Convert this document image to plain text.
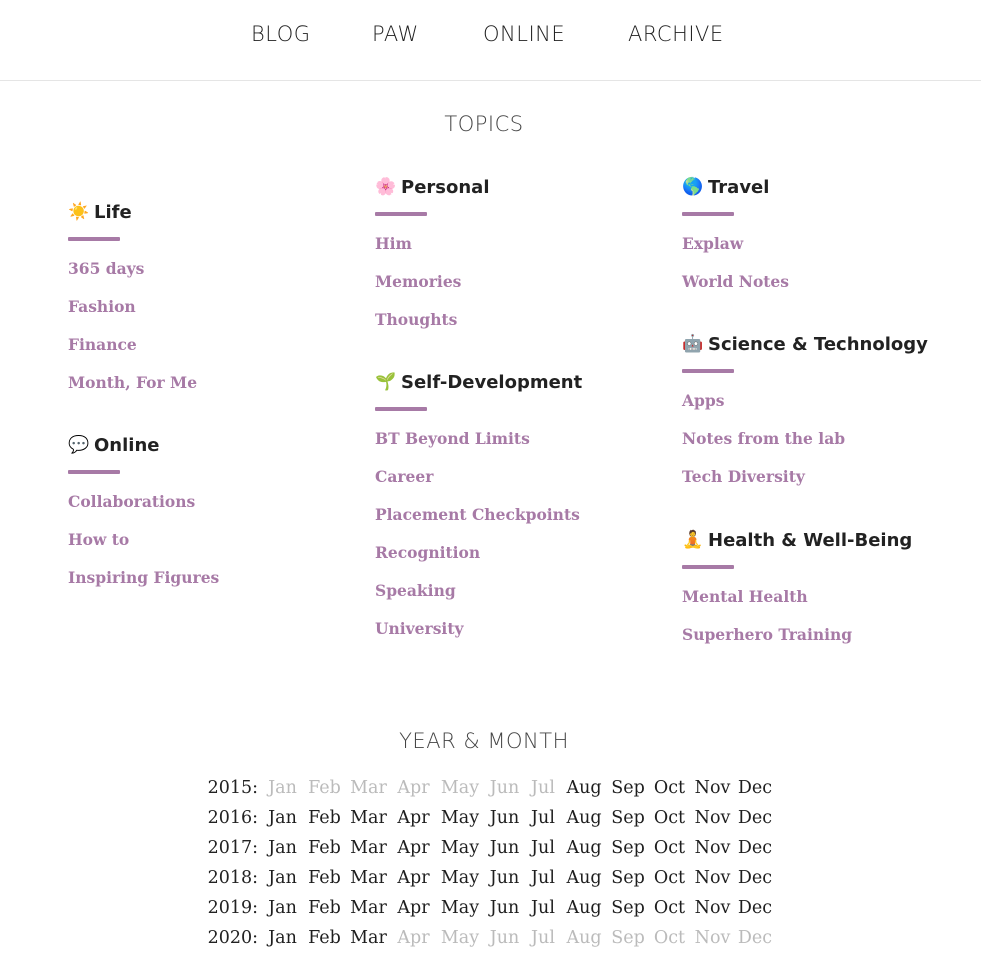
BLOG	PAW	ONLINE	ARCHIVE
TOPICS
☀️ Life
365 days
Fashion
Finance
Month, For Me
💬 Online
Collaborations
How to
Inspiring Figures
🌸 Personal
Him
Memories
Thoughts
🌱 Self-Development
BT Beyond Limits
Career
Placement Checkpoints
Recognition
Speaking
University
🌎 Travel
Explaw
World Notes
🤖 Science & Technology
Apps
Notes from the lab
Tech Diversity
🧘 Health & Well-Being
Mental Health
Superhero Training
YEAR & MONTH
2015: Jan Feb Mar Apr May Jun Jul Aug Sep Oct Nov Dec
2016: Jan Feb Mar Apr May Jun Jul Aug Sep Oct Nov Dec
2017: Jan Feb Mar Apr May Jun Jul Aug Sep Oct Nov Dec
2018: Jan Feb Mar Apr May Jun Jul Aug Sep Oct Nov Dec
2019: Jan Feb Mar Apr May Jun Jul Aug Sep Oct Nov Dec
2020: Jan Feb Mar Apr May Jun Jul Aug Sep Oct Nov Dec
